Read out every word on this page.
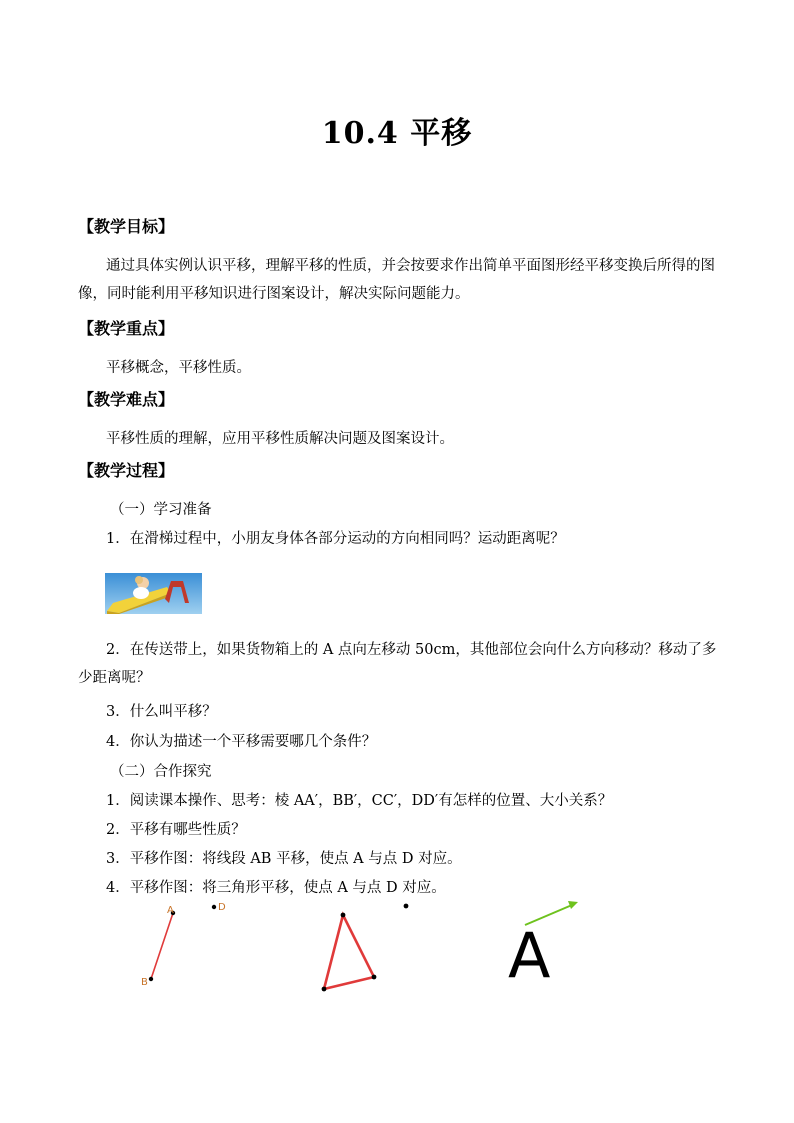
10.4 平移
【教学目标】
通过具体实例认识平移，理解平移的性质，并会按要求作出简单平面图形经平移变换后所得的图像，同时能利用平移知识进行图案设计，解决实际问题能力。
【教学重点】
平移概念，平移性质。
【教学难点】
平移性质的理解，应用平移性质解决问题及图案设计。
【教学过程】
（一）学习准备
1．在滑梯过程中，小朋友身体各部分运动的方向相同吗？运动距离呢？
2．在传送带上，如果货物箱上的 A 点向左移动 50cm，其他部位会向什么方向移动？移动了多少距离呢？
3．什么叫平移？
4．你认为描述一个平移需要哪几个条件？
（二）合作探究
1．阅读课本操作、思考：棱 AA′，BB′，CC′，DD′有怎样的位置、大小关系？
2．平移有哪些性质？
3．平移作图：将线段 AB 平移，使点 A 与点 D 对应。
4．平移作图：将三角形平移，使点 A 与点 D 对应。
A	D
B	A
